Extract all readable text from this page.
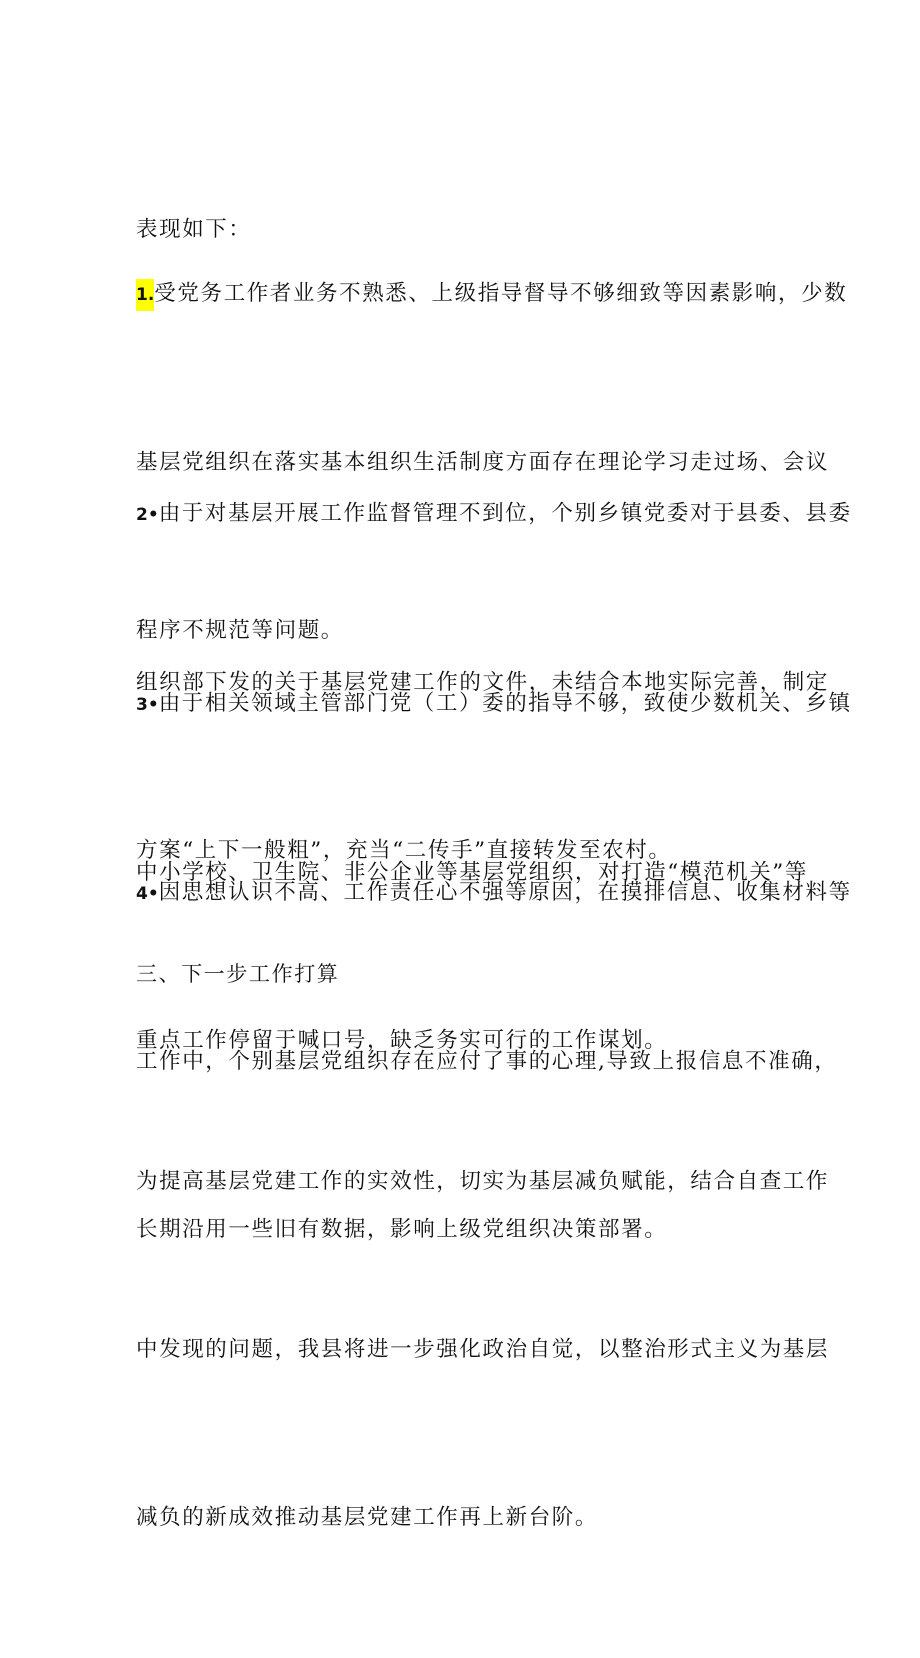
表现如下：

1.受党务工作者业务不熟悉、上级指导督导不够细致等因素影响，少数

基层党组织在落实基本组织生活制度方面存在理论学习走过场、会议

程序不规范等问题。

2•由于对基层开展工作监督管理不到位，个别乡镇党委对于县委、县委

组织部下发的关于基层党建工作的文件，未结合本地实际完善，制定

方案“上下一般粗”，充当“二传手”直接转发至农村。

3•由于相关领域主管部门党（工）委的指导不够，致使少数机关、乡镇

中小学校、卫生院、非公企业等基层党组织，对打造“模范机关”等

重点工作停留于喊口号，缺乏务实可行的工作谋划。

4•因思想认识不高、工作责任心不强等原因，在摸排信息、收集材料等

工作中，个别基层党组织存在应付了事的心理,导致上报信息不准确，

长期沿用一些旧有数据，影响上级党组织决策部署。

三、下一步工作打算

为提高基层党建工作的实效性，切实为基层减负赋能，结合自查工作

中发现的问题，我县将进一步强化政治自觉，以整治形式主义为基层

减负的新成效推动基层党建工作再上新台阶。
